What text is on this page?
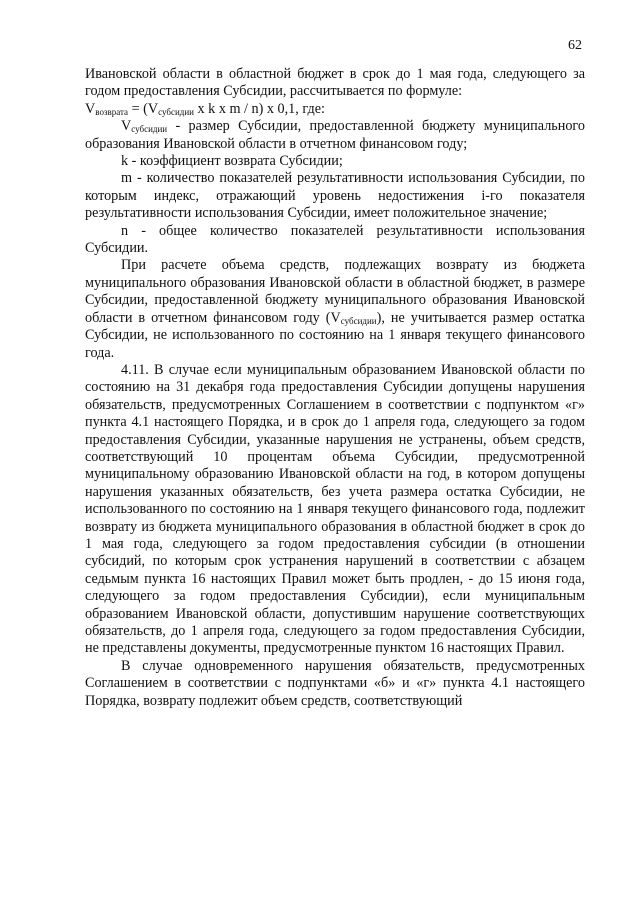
62

Ивановской области в областной бюджет в срок до 1 мая года, следующего за годом предоставления Субсидии, рассчитывается по формуле:

$V_{возврата} = (V_{субсидии}$ x k x m / n) x 0,1, где:

$V_{субсидии}$ - размер Субсидии, предоставленной бюджету муниципального образования Ивановской области в отчетном финансовом году;

k - коэффициент возврата Субсидии;

m - количество показателей результативности использования Субсидии, по которым индекс, отражающий уровень недостижения i-го показателя результативности использования Субсидии, имеет положительное значение;

n - общее количество показателей результативности использования Субсидии.

При расчете объема средств, подлежащих возврату из бюджета муниципального образования Ивановской области в областной бюджет, в размере Субсидии, предоставленной бюджету муниципального образования Ивановской области в отчетном финансовом году $(V_{субсидии})$, не учитывается размер остатка Субсидии, не использованного по состоянию на 1 января текущего финансового года.

4.11. В случае если муниципальным образованием Ивановской области по состоянию на 31 декабря года предоставления Субсидии допущены нарушения обязательств, предусмотренных Соглашением в соответствии с подпунктом «г» пункта 4.1 настоящего Порядка, и в срок до 1 апреля года, следующего за годом предоставления Субсидии, указанные нарушения не устранены, объем средств, соответствующий 10 процентам объема Субсидии, предусмотренной муниципальному образованию Ивановской области на год, в котором допущены нарушения указанных обязательств, без учета размера остатка Субсидии, не использованного по состоянию на 1 января текущего финансового года, подлежит возврату из бюджета муниципального образования в областной бюджет в срок до 1 мая года, следующего за годом предоставления субсидии (в отношении субсидий, по которым срок устранения нарушений в соответствии с абзацем седьмым пункта 16 настоящих Правил может быть продлен, - до 15 июня года, следующего за годом предоставления Субсидии), если муниципальным образованием Ивановской области, допустившим нарушение соответствующих обязательств, до 1 апреля года, следующего за годом предоставления Субсидии, не представлены документы, предусмотренные пунктом 16 настоящих Правил.

В случае одновременного нарушения обязательств, предусмотренных Соглашением в соответствии с подпунктами «б» и «г» пункта 4.1 настоящего Порядка, возврату подлежит объем средств, соответствующий
